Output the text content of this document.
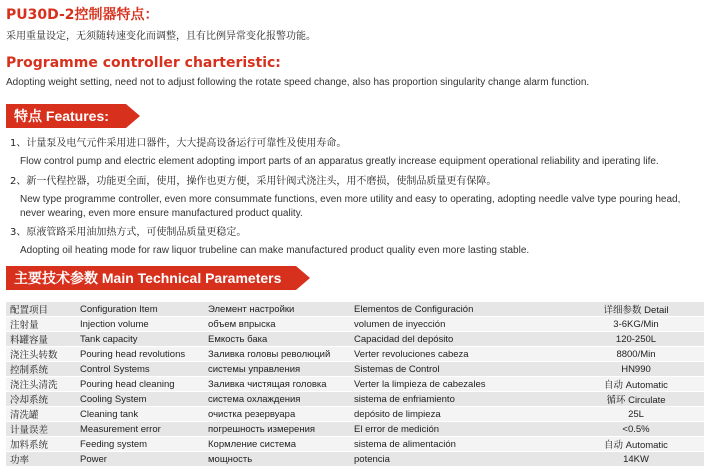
PU30D-2控制器特点：
采用重量设定，无须随转速变化而调整，且有比例异常变化报警功能。
Programme controller charteristic:
Adopting weight setting, need not to adjust following the rotate speed change, also has proportion singularity change alarm function.
特点 Features:
1、计量泵及电气元件采用进口器件，大大提高设备运行可靠性及使用寿命。
Flow control pump and electric element adopting import parts of an apparatus greatly increase equipment operational reliability and iperating life.
2、新一代程控器，功能更全面，使用，操作也更方便，采用针阀式浇注头，用不磨损，使制品质量更有保障。
New type programme controller, even more consummate functions, even more utility and easy to operating, adopting needle valve type pouring head, never wearing, even more ensure manufactured product quality.
3、原液管路采用油加热方式，可使制品质量更稳定。
Adopting oil heating mode for raw liquor trubeline can make manufactured product quality even more lasting stable.
主要技术参数 Main Technical Parameters
配置项目	Configuration Item	Элемент настройки	Elementos de Configuración	详细参数 Detail
注射量	Injection volume	объем впрыска	volumen de inyección	3-6KG/Min
料罐容量	Tank capacity	Емкость бака	Capacidad del depósito	120-250L
浇注头转数	Pouring head revolutions	Заливка головы революций	Verter revoluciones cabeza	8800/Min
控制系统	Control Systems	системы управления	Sistemas de Control	HN990
浇注头清洗	Pouring head cleaning	Заливка чистящая головка	Verter la limpieza de cabezales	自动 Automatic
冷却系统	Cooling System	система охлаждения	sistema de enfriamiento	循环 Circulate
清洗罐	Cleaning tank	очистка резервуара	depósito de limpieza	25L
计量误差	Measurement error	погрешность измерения	El error de medición	<0.5%
加料系统	Feeding system	Кормление система	sistema de alimentación	自动 Automatic
功率	Power	мощность	potencia	14KW
